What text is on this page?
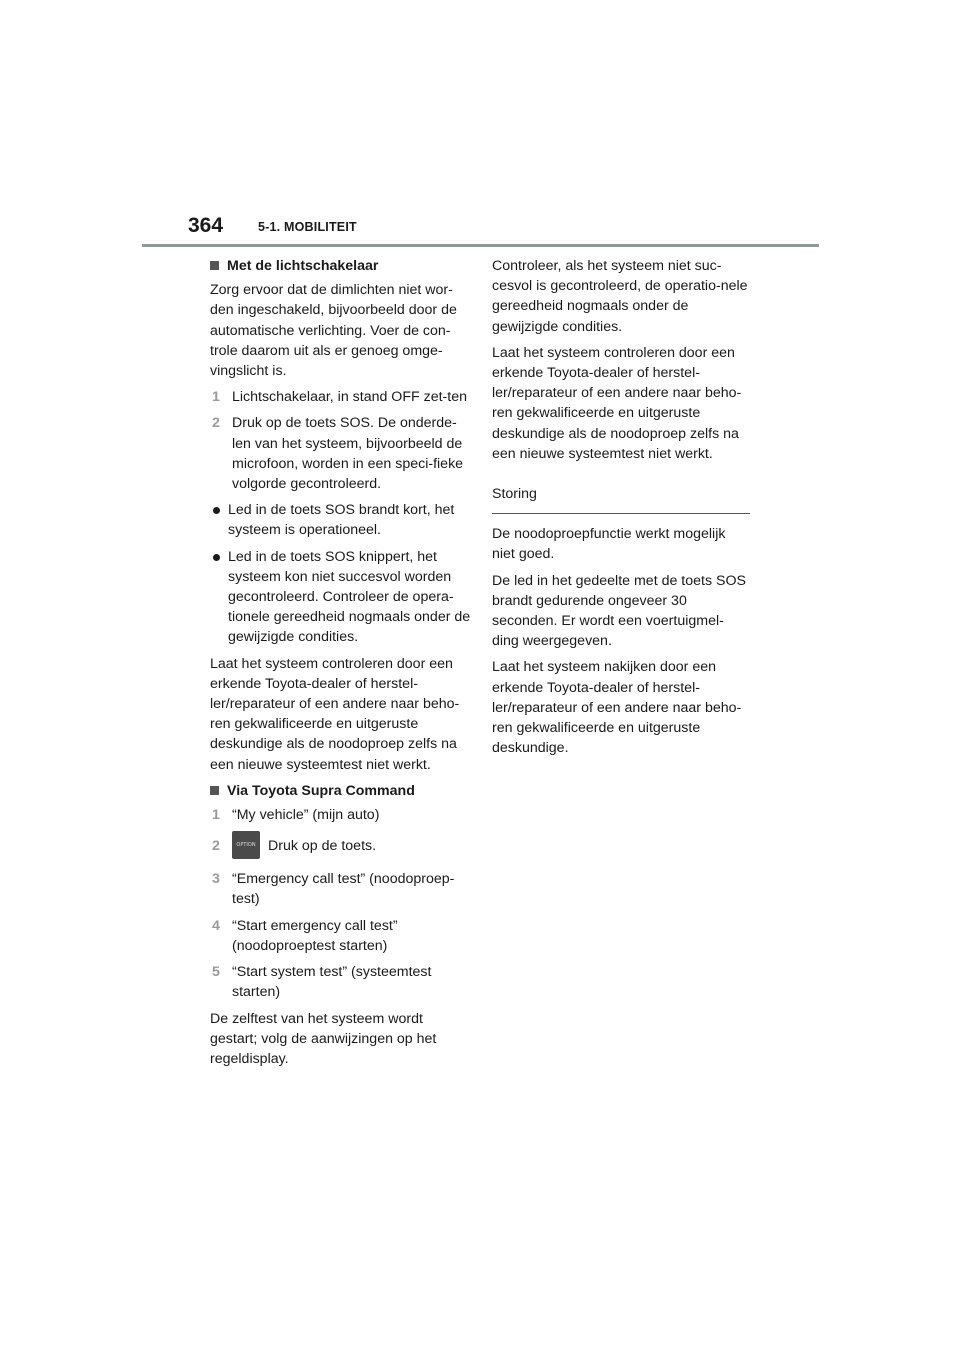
364	5-1. MOBILITEIT

Met de lichtschakelaar

Zorg ervoor dat de dimlichten niet wor-den ingeschakeld, bijvoorbeeld door de automatische verlichting. Voer de con-trole daarom uit als er genoeg omge-vingslicht is.

1 Lichtschakelaar, in stand OFF zet-ten
2 Druk op de toets SOS. De onderde-len van het systeem, bijvoorbeeld de microfoon, worden in een speci-fieke volgorde gecontroleerd.
Led in de toets SOS brandt kort, het systeem is operationeel.
Led in de toets SOS knippert, het systeem kon niet succesvol worden gecontroleerd. Controleer de opera-tionele gereedheid nogmaals onder de gewijzigde condities.

Laat het systeem controleren door een erkende Toyota-dealer of herstel-ler/reparateur of een andere naar beho-ren gekwalificeerde en uitgeruste deskundige als de noodoproep zelfs na een nieuwe systeemtest niet werkt.

Via Toyota Supra Command

1 “My vehicle” (mijn auto)
2	OPTION Druk op de toets.
3 “Emergency call test” (noodoproep-test)
4 “Start emergency call test” (noodoproeptest starten)
5 “Start system test” (systeemtest starten)

De zelftest van het systeem wordt gestart; volg de aanwijzingen op het regeldisplay.

Controleer, als het systeem niet suc-cesvol is gecontroleerd, de operatio-nele gereedheid nogmaals onder de gewijzigde condities.

Laat het systeem controleren door een erkende Toyota-dealer of herstel-ler/reparateur of een andere naar beho-ren gekwalificeerde en uitgeruste deskundige als de noodoproep zelfs na een nieuwe systeemtest niet werkt.

Storing

De noodoproepfunctie werkt mogelijk niet goed.

De led in het gedeelte met de toets SOS brandt gedurende ongeveer 30 seconden. Er wordt een voertuigmel-ding weergegeven.

Laat het systeem nakijken door een erkende Toyota-dealer of herstel-ler/reparateur of een andere naar beho-ren gekwalificeerde en uitgeruste deskundige.
